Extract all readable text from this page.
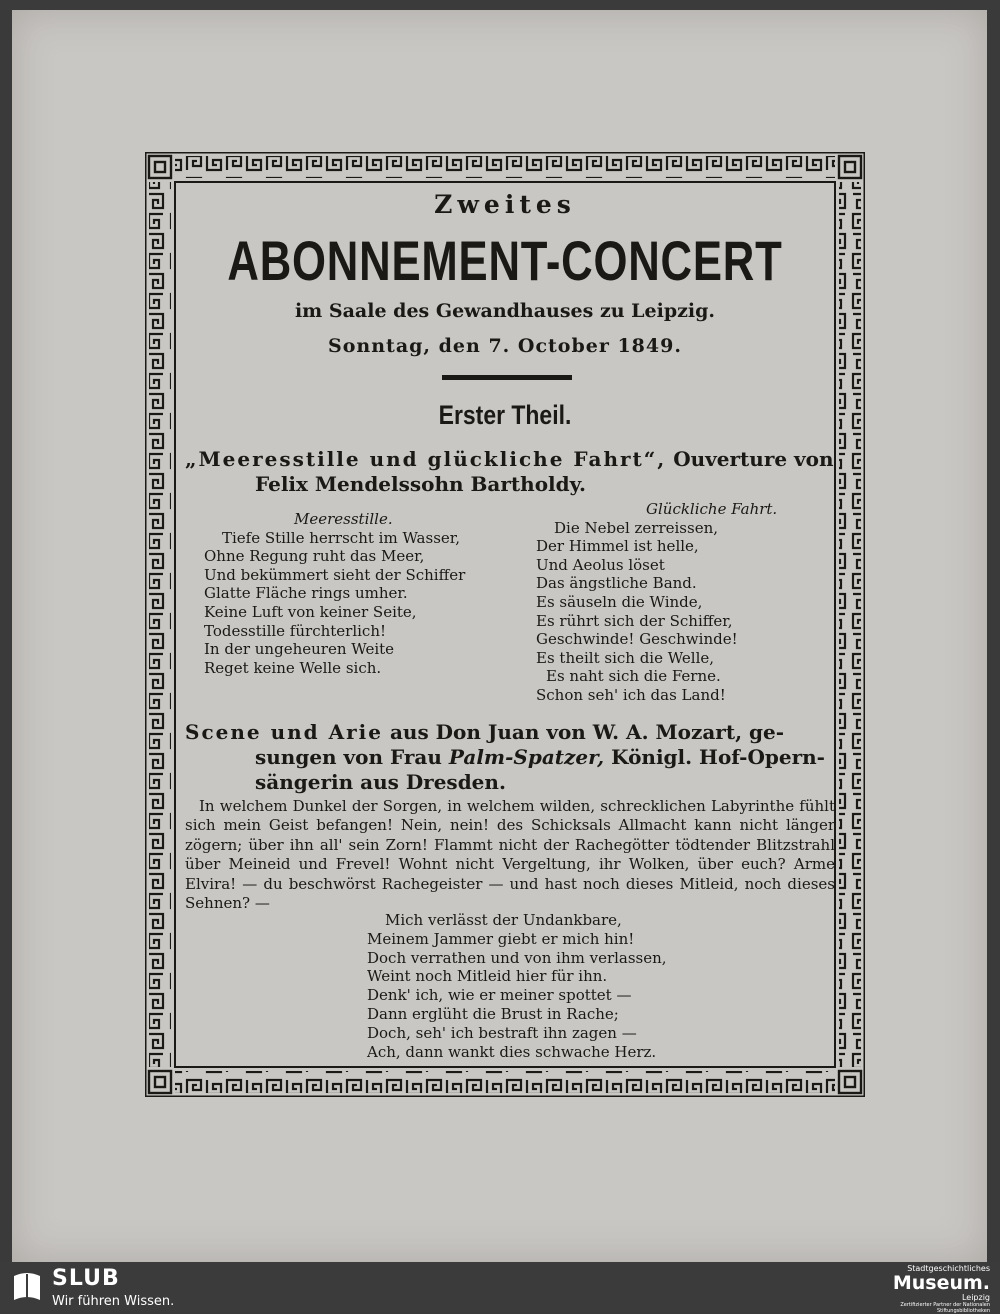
Zweites
ABONNEMENT-CONCERT
im Saale des Gewandhauses zu Leipzig.
Sonntag, den 7. October 1849.
Erster Theil.
„Meeresstille und glückliche Fahrt“, Ouverture von
Felix Mendelssohn Bartholdy.
Meeresstille.
Tiefe Stille herrscht im Wasser,
Ohne Regung ruht das Meer,
Und bekümmert sieht der Schiffer
Glatte Fläche rings umher.
Keine Luft von keiner Seite,
Todesstille fürchterlich!
In der ungeheuren Weite
Reget keine Welle sich.
Glückliche Fahrt.
Die Nebel zerreissen,
Der Himmel ist helle,
Und Aeolus löset
Das ängstliche Band.
Es säuseln die Winde,
Es rührt sich der Schiffer,
Geschwinde! Geschwinde!
Es theilt sich die Welle,
Es naht sich die Ferne.
Schon seh' ich das Land!
Scene und Arie aus Don Juan von W. A. Mozart, ge-
sungen von Frau Palm-Spatzer, Königl. Hof-Opern-
sängerin aus Dresden.

In welchem Dunkel der Sorgen, in welchem wilden, schrecklichen Labyrinthe fühlt sich mein Geist befangen! Nein, nein! des Schicksals Allmacht kann nicht länger zögern; über ihn all' sein Zorn! Flammt nicht der Rachegötter tödtender Blitzstrahl über Meineid und Frevel! Wohnt nicht Vergeltung, ihr Wolken, über euch? Arme Elvira! — du beschwörst Rachegeister — und hast noch dieses Mitleid, noch dieses Sehnen? —

Mich verlässt der Undankbare,
Meinem Jammer giebt er mich hin!
Doch verrathen und von ihm verlassen,
Weint noch Mitleid hier für ihn.
Denk' ich, wie er meiner spottet —
Dann erglüht die Brust in Rache;
Doch, seh' ich bestraft ihn zagen —
Ach, dann wankt dies schwache Herz.
SLUB
Wir führen Wissen.
Stadtgeschichtliches
Museum.
Leipzig
Zertifizierter Partner der Nationalen Stiftungsbibliotheken
